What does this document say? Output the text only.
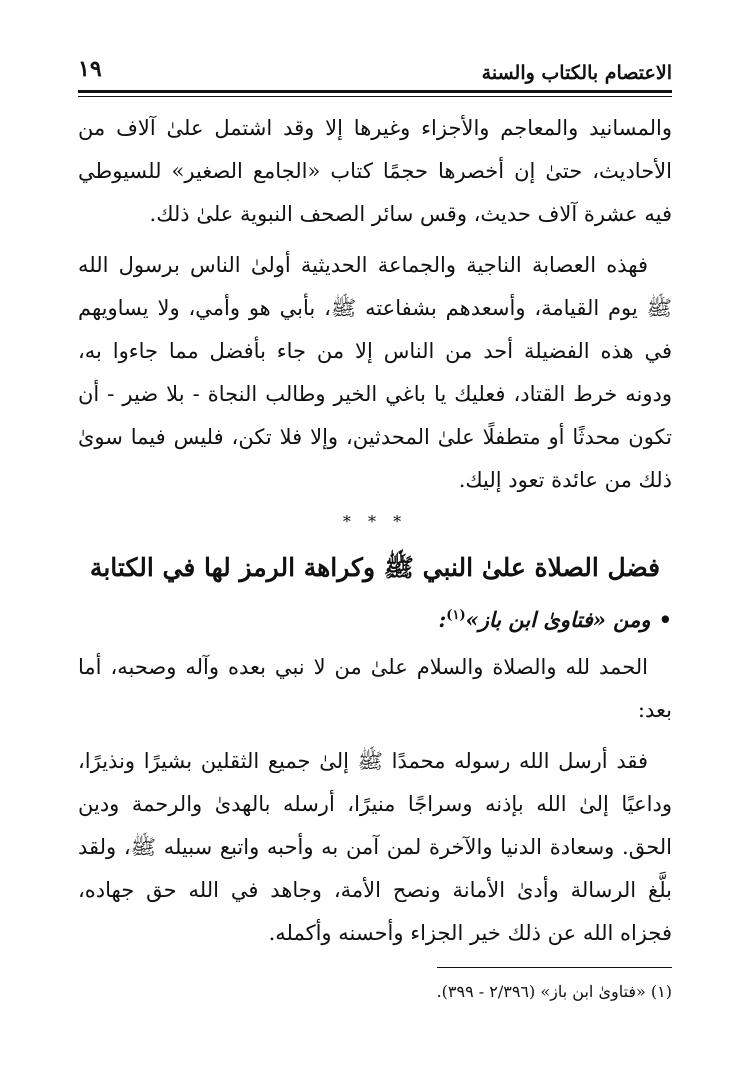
الاعتصام بالكتاب والسنة
١٩

والمسانيد والمعاجم والأجزاء وغيرها إلا وقد اشتمل علىٰ آلاف من الأحاديث، حتىٰ إن أخصرها حجمًا كتاب «الجامع الصغير» للسيوطي فيه عشرة آلاف حديث، وقس سائر الصحف النبوية علىٰ ذلك.

فهذه العصابة الناجية والجماعة الحديثية أولىٰ الناس برسول الله ﷺ يوم القيامة، وأسعدهم بشفاعته ﷺ، بأبي هو وأمي، ولا يساويهم في هذه الفضيلة أحد من الناس إلا من جاء بأفضل مما جاءوا به، ودونه خرط القتاد، فعليك يا باغي الخير وطالب النجاة - بلا ضير - أن تكون محدثًا أو متطفلًا علىٰ المحدثين، وإلا فلا تكن، فليس فيما سوىٰ ذلك من عائدة تعود إليك.

* * *
فضل الصلاة علىٰ النبي ﷺ وكراهة الرمز لها في الكتابة
•ومن «فتاوىٰ ابن باز»$^{(١)}$:

الحمد لله والصلاة والسلام علىٰ من لا نبي بعده وآله وصحبه، أما بعد:

فقد أرسل الله رسوله محمدًا ﷺ إلىٰ جميع الثقلين بشيرًا ونذيرًا، وداعيًا إلىٰ الله بإذنه وسراجًا منيرًا، أرسله بالهدىٰ والرحمة ودين الحق. وسعادة الدنيا والآخرة لمن آمن به وأحبه واتبع سبيله ﷺ، ولقد بلَّغ الرسالة وأدىٰ الأمانة ونصح الأمة، وجاهد في الله حق جهاده، فجزاه الله عن ذلك خير الجزاء وأحسنه وأكمله.

(١) «فتاوىٰ ابن باز» (٢/٣٩٦ - ٣٩٩).
